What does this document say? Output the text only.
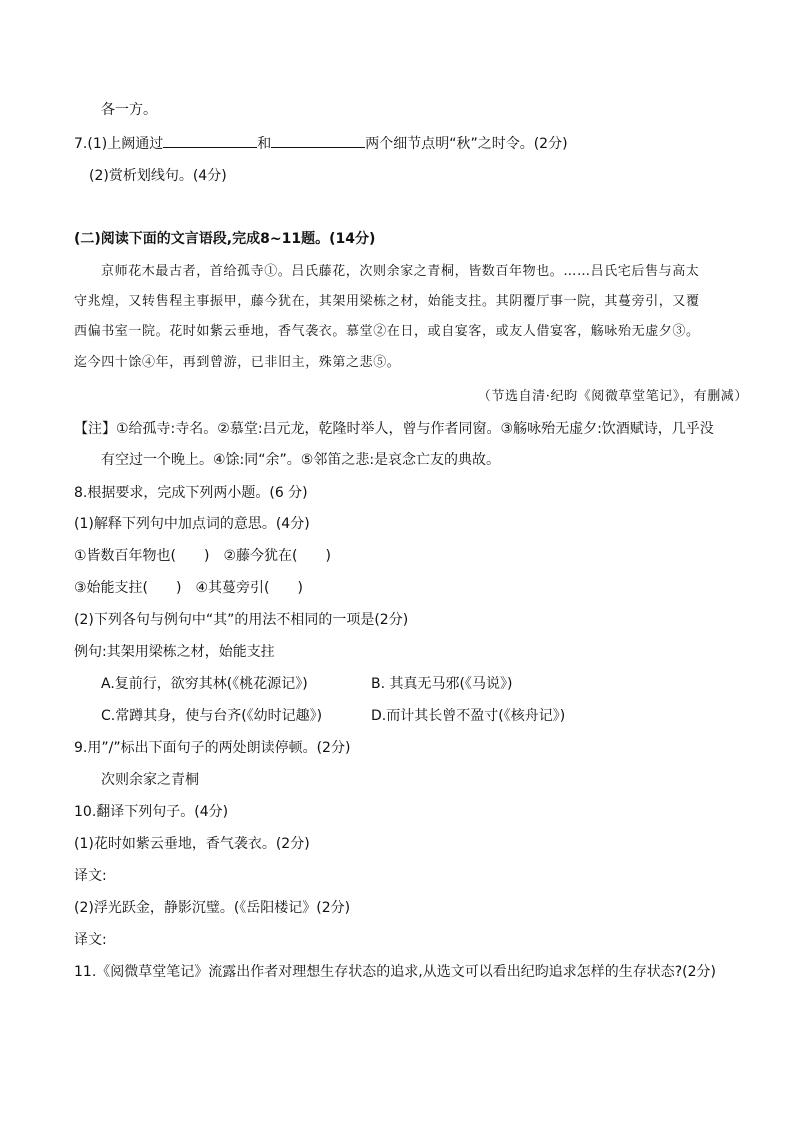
各一方。
7.(1)上阙通过	和	两个细节点明“秋”之时令。(2分)
(2)赏析划线句。(4分)
(二)阅读下面的文言语段,完成8~11题。(14分)
京师花木最古者，首给孤寺①。吕氏藤花，次则余家之青桐，皆数百年物也。……吕氏宅后售与高太
守兆煌，又转售程主事振甲，藤今犹在，其架用梁栋之材，始能支拄。其阴覆厅事一院，其蔓旁引，又覆
西偏书室一院。花时如紫云垂地，香气袭衣。慕堂②在日，或自宴客，或友人借宴客，觞咏殆无虚夕③。
迄今四十馀④年，再到曾游，已非旧主，殊第之悲⑤。
（节选自清·纪昀《阅微草堂笔记》，有删减）
【注】①给孤寺:寺名。②慕堂:吕元龙，乾隆时举人，曾与作者同窗。③觞咏殆无虚夕:饮酒赋诗，几乎没
有空过一个晚上。④馀:同“余”。⑤邻笛之悲:是哀念亡友的典故。
8.根据要求，完成下列两小题。(6 分)
(1)解释下列句中加点词的意思。(4分)
①皆数百年物也(　　)　②藤今犹在(　　)
③始能支拄(　　)　④其蔓旁引(　　)
(2)下列各句与例句中“其”的用法不相同的一项是(2分)
例句:其架用梁栋之材，始能支拄
A.复前行，欲穷其林(《桃花源记》)	B. 其真无马邪(《马说》)
C.常蹲其身，使与台齐(《幼时记趣》)	D.而计其长曾不盈寸(《核舟记》)
9.用”/”标出下面句子的两处朗读停顿。(2分)
次则余家之青桐
10.翻译下列句子。(4分)
(1)花时如紫云垂地，香气袭衣。(2分)
译文:
(2)浮光跃金，静影沉璧。(《岳阳楼记》(2分)
译文:
11.《阅微草堂笔记》流露出作者对理想生存状态的追求,从选文可以看出纪昀追求怎样的生存状态?(2分)
